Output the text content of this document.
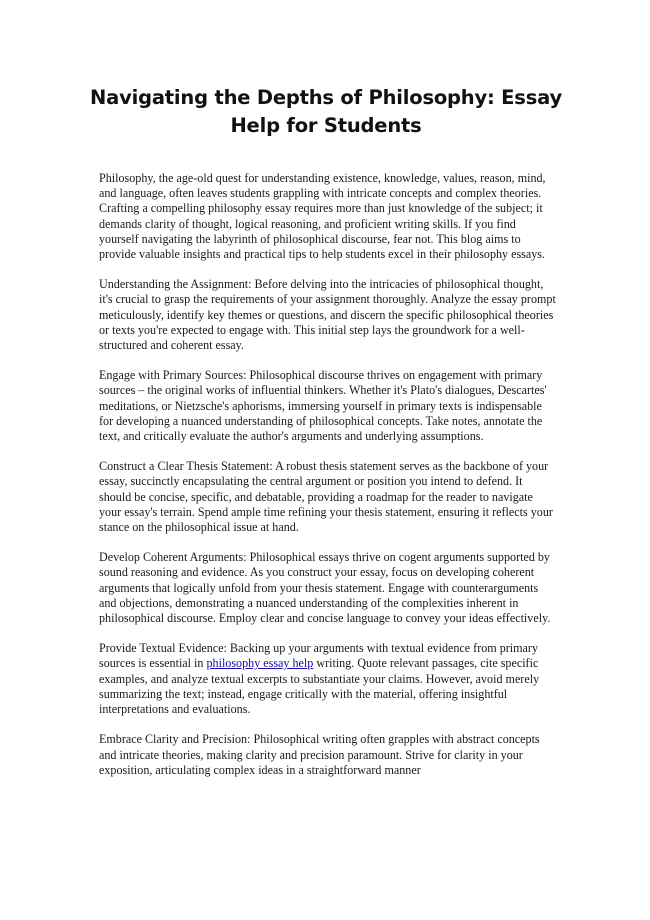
Navigating the Depths of Philosophy: Essay Help for Students

Philosophy, the age-old quest for understanding existence, knowledge, values, reason, mind, and language, often leaves students grappling with intricate concepts and complex theories. Crafting a compelling philosophy essay requires more than just knowledge of the subject; it demands clarity of thought, logical reasoning, and proficient writing skills. If you find yourself navigating the labyrinth of philosophical discourse, fear not. This blog aims to provide valuable insights and practical tips to help students excel in their philosophy essays.

Understanding the Assignment: Before delving into the intricacies of philosophical thought, it's crucial to grasp the requirements of your assignment thoroughly. Analyze the essay prompt meticulously, identify key themes or questions, and discern the specific philosophical theories or texts you're expected to engage with. This initial step lays the groundwork for a well-structured and coherent essay.

Engage with Primary Sources: Philosophical discourse thrives on engagement with primary sources – the original works of influential thinkers. Whether it's Plato's dialogues, Descartes' meditations, or Nietzsche's aphorisms, immersing yourself in primary texts is indispensable for developing a nuanced understanding of philosophical concepts. Take notes, annotate the text, and critically evaluate the author's arguments and underlying assumptions.

Construct a Clear Thesis Statement: A robust thesis statement serves as the backbone of your essay, succinctly encapsulating the central argument or position you intend to defend. It should be concise, specific, and debatable, providing a roadmap for the reader to navigate your essay's terrain. Spend ample time refining your thesis statement, ensuring it reflects your stance on the philosophical issue at hand.

Develop Coherent Arguments: Philosophical essays thrive on cogent arguments supported by sound reasoning and evidence. As you construct your essay, focus on developing coherent arguments that logically unfold from your thesis statement. Engage with counterarguments and objections, demonstrating a nuanced understanding of the complexities inherent in philosophical discourse. Employ clear and concise language to convey your ideas effectively.

Provide Textual Evidence: Backing up your arguments with textual evidence from primary sources is essential in philosophy essay help writing. Quote relevant passages, cite specific examples, and analyze textual excerpts to substantiate your claims. However, avoid merely summarizing the text; instead, engage critically with the material, offering insightful interpretations and evaluations.

Embrace Clarity and Precision: Philosophical writing often grapples with abstract concepts and intricate theories, making clarity and precision paramount. Strive for clarity in your exposition, articulating complex ideas in a straightforward manner
